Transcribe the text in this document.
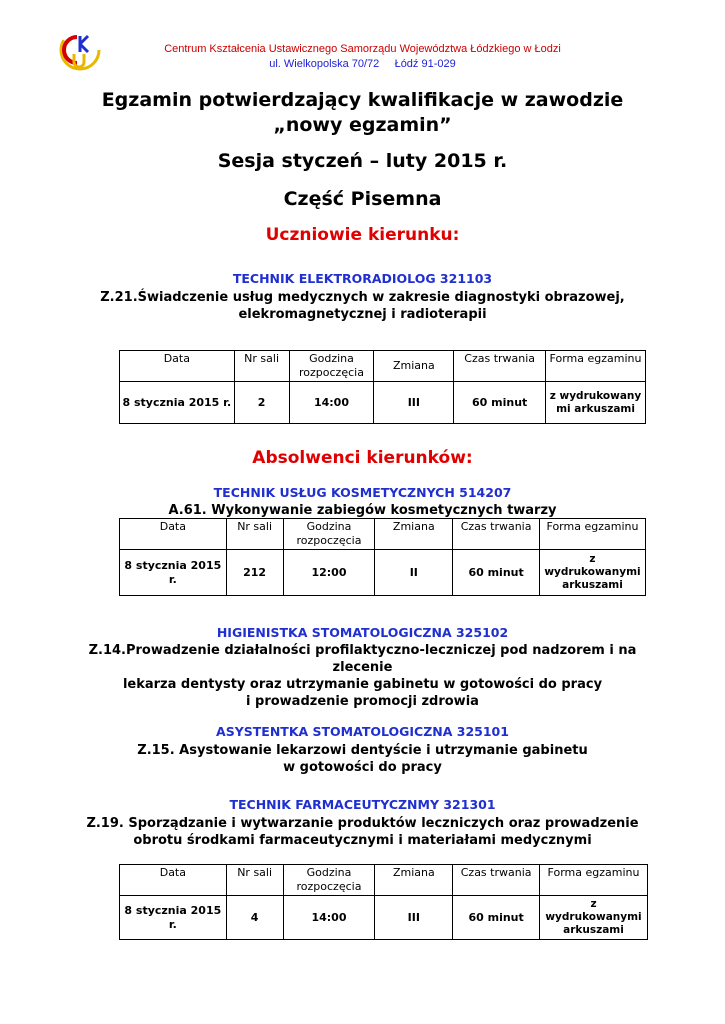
Centrum Kształcenia Ustawicznego Samorządu Województwa Łódzkiego w Łodzi
ul. Wielkopolska 70/72     Łódź 91-029
Egzamin potwierdzający kwalifikacje w zawodzie
„nowy egzamin”
Sesja styczeń – luty 2015 r.
Część Pisemna
Uczniowie kierunku:
TECHNIK ELEKTRORADIOLOG 321103
Z.21.Świadczenie usług medycznych w zakresie diagnostyki obrazowej,
elekromagnetycznej i radioterapii
Data	Nr sali	Godzina rozpoczęcia	Zmiana	Czas trwania	Forma egzaminu
8 stycznia 2015 r.	2	14:00	III	60 minut	z wydrukowany mi arkuszami
Absolwenci kierunków:
TECHNIK USŁUG KOSMETYCZNYCH 514207
A.61. Wykonywanie zabiegów kosmetycznych twarzy
Data	Nr sali	Godzina rozpoczęcia	Zmiana	Czas trwania	Forma egzaminu
8 stycznia 2015 r.	212	12:00	II	60 minut	z wydrukowanymi arkuszami
HIGIENISTKA STOMATOLOGICZNA 325102
Z.14.Prowadzenie działalności profilaktyczno-leczniczej pod nadzorem i na
zlecenie
lekarza dentysty oraz utrzymanie gabinetu w gotowości do pracy
i prowadzenie promocji zdrowia
ASYSTENTKA STOMATOLOGICZNA 325101
Z.15. Asystowanie lekarzowi dentyście i utrzymanie gabinetu
w gotowości do pracy
TECHNIK FARMACEUTYCZNMY 321301
Z.19. Sporządzanie i wytwarzanie produktów leczniczych oraz prowadzenie
obrotu środkami farmaceutycznymi i materiałami medycznymi
Data	Nr sali	Godzina rozpoczęcia	Zmiana	Czas trwania	Forma egzaminu
8 stycznia 2015 r.	4	14:00	III	60 minut	z wydrukowanymi arkuszami
